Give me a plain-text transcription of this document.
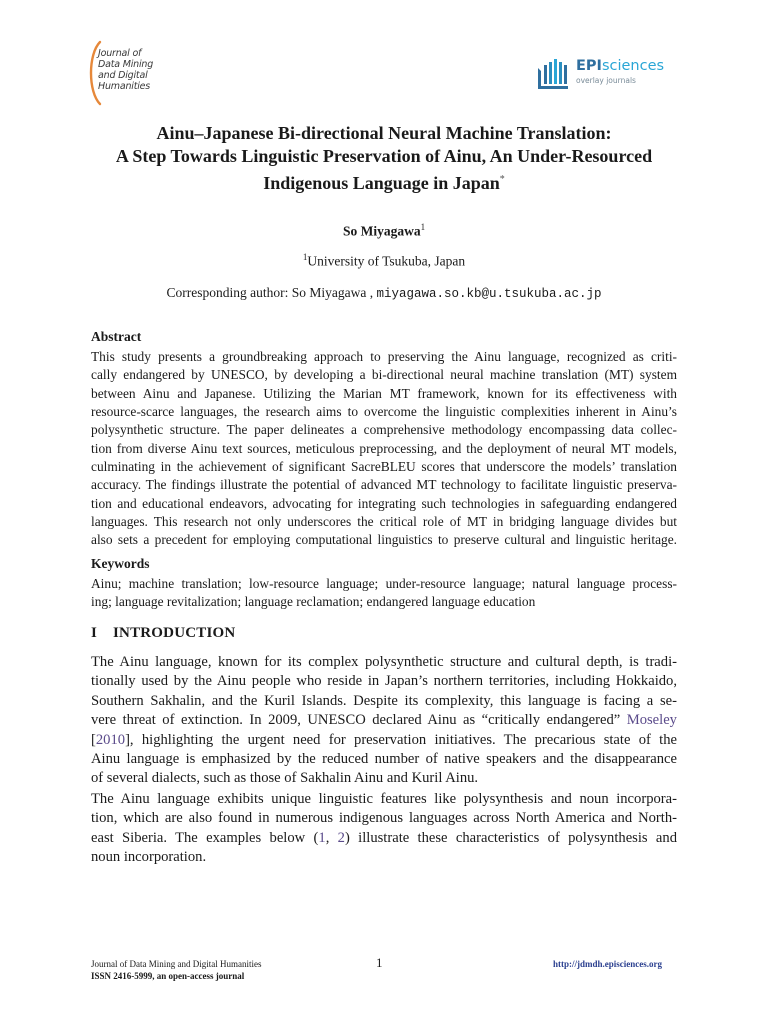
Journal of
Data Mining
and Digital
Humanities
EPIsciences
overlay journals
Ainu–Japanese Bi-directional Neural Machine Translation:
A Step Towards Linguistic Preservation of Ainu, An Under-Resourced
Indigenous Language in Japan*
So Miyagawa$^1$
$^1$University of Tsukuba, Japan
Corresponding author: So Miyagawa , miyagawa.so.kb@u.tsukuba.ac.jp
Abstract
This study presents a groundbreaking approach to preserving the Ainu language, recognized as criti-
cally endangered by UNESCO, by developing a bi-directional neural machine translation (MT) system
between Ainu and Japanese. Utilizing the Marian MT framework, known for its effectiveness with
resource-scarce languages, the research aims to overcome the linguistic complexities inherent in Ainu’s
polysynthetic structure. The paper delineates a comprehensive methodology encompassing data collec-
tion from diverse Ainu text sources, meticulous preprocessing, and the deployment of neural MT models,
culminating in the achievement of significant SacreBLEU scores that underscore the models’ translation
accuracy. The findings illustrate the potential of advanced MT technology to facilitate linguistic preserva-
tion and educational endeavors, advocating for integrating such technologies in safeguarding endangered
languages. This research not only underscores the critical role of MT in bridging language divides but
also sets a precedent for employing computational linguistics to preserve cultural and linguistic heritage.
Keywords
Ainu; machine translation; low-resource language; under-resource language; natural language process-
ing; language revitalization; language reclamation; endangered language education
I INTRODUCTION
The Ainu language, known for its complex polysynthetic structure and cultural depth, is tradi-
tionally used by the Ainu people who reside in Japan’s northern territories, including Hokkaido,
Southern Sakhalin, and the Kuril Islands. Despite its complexity, this language is facing a se-
vere threat of extinction. In 2009, UNESCO declared Ainu as “critically endangered” Moseley
[2010], highlighting the urgent need for preservation initiatives. The precarious state of the
Ainu language is emphasized by the reduced number of native speakers and the disappearance
of several dialects, such as those of Sakhalin Ainu and Kuril Ainu.
The Ainu language exhibits unique linguistic features like polysynthesis and noun incorpora-
tion, which are also found in numerous indigenous languages across North America and North-
east Siberia. The examples below (1, 2) illustrate these characteristics of polysynthesis and
noun incorporation.
Journal of Data Mining and Digital Humanities
ISSN 2416-5999, an open-access journal
1	http://jdmdh.episciences.org
